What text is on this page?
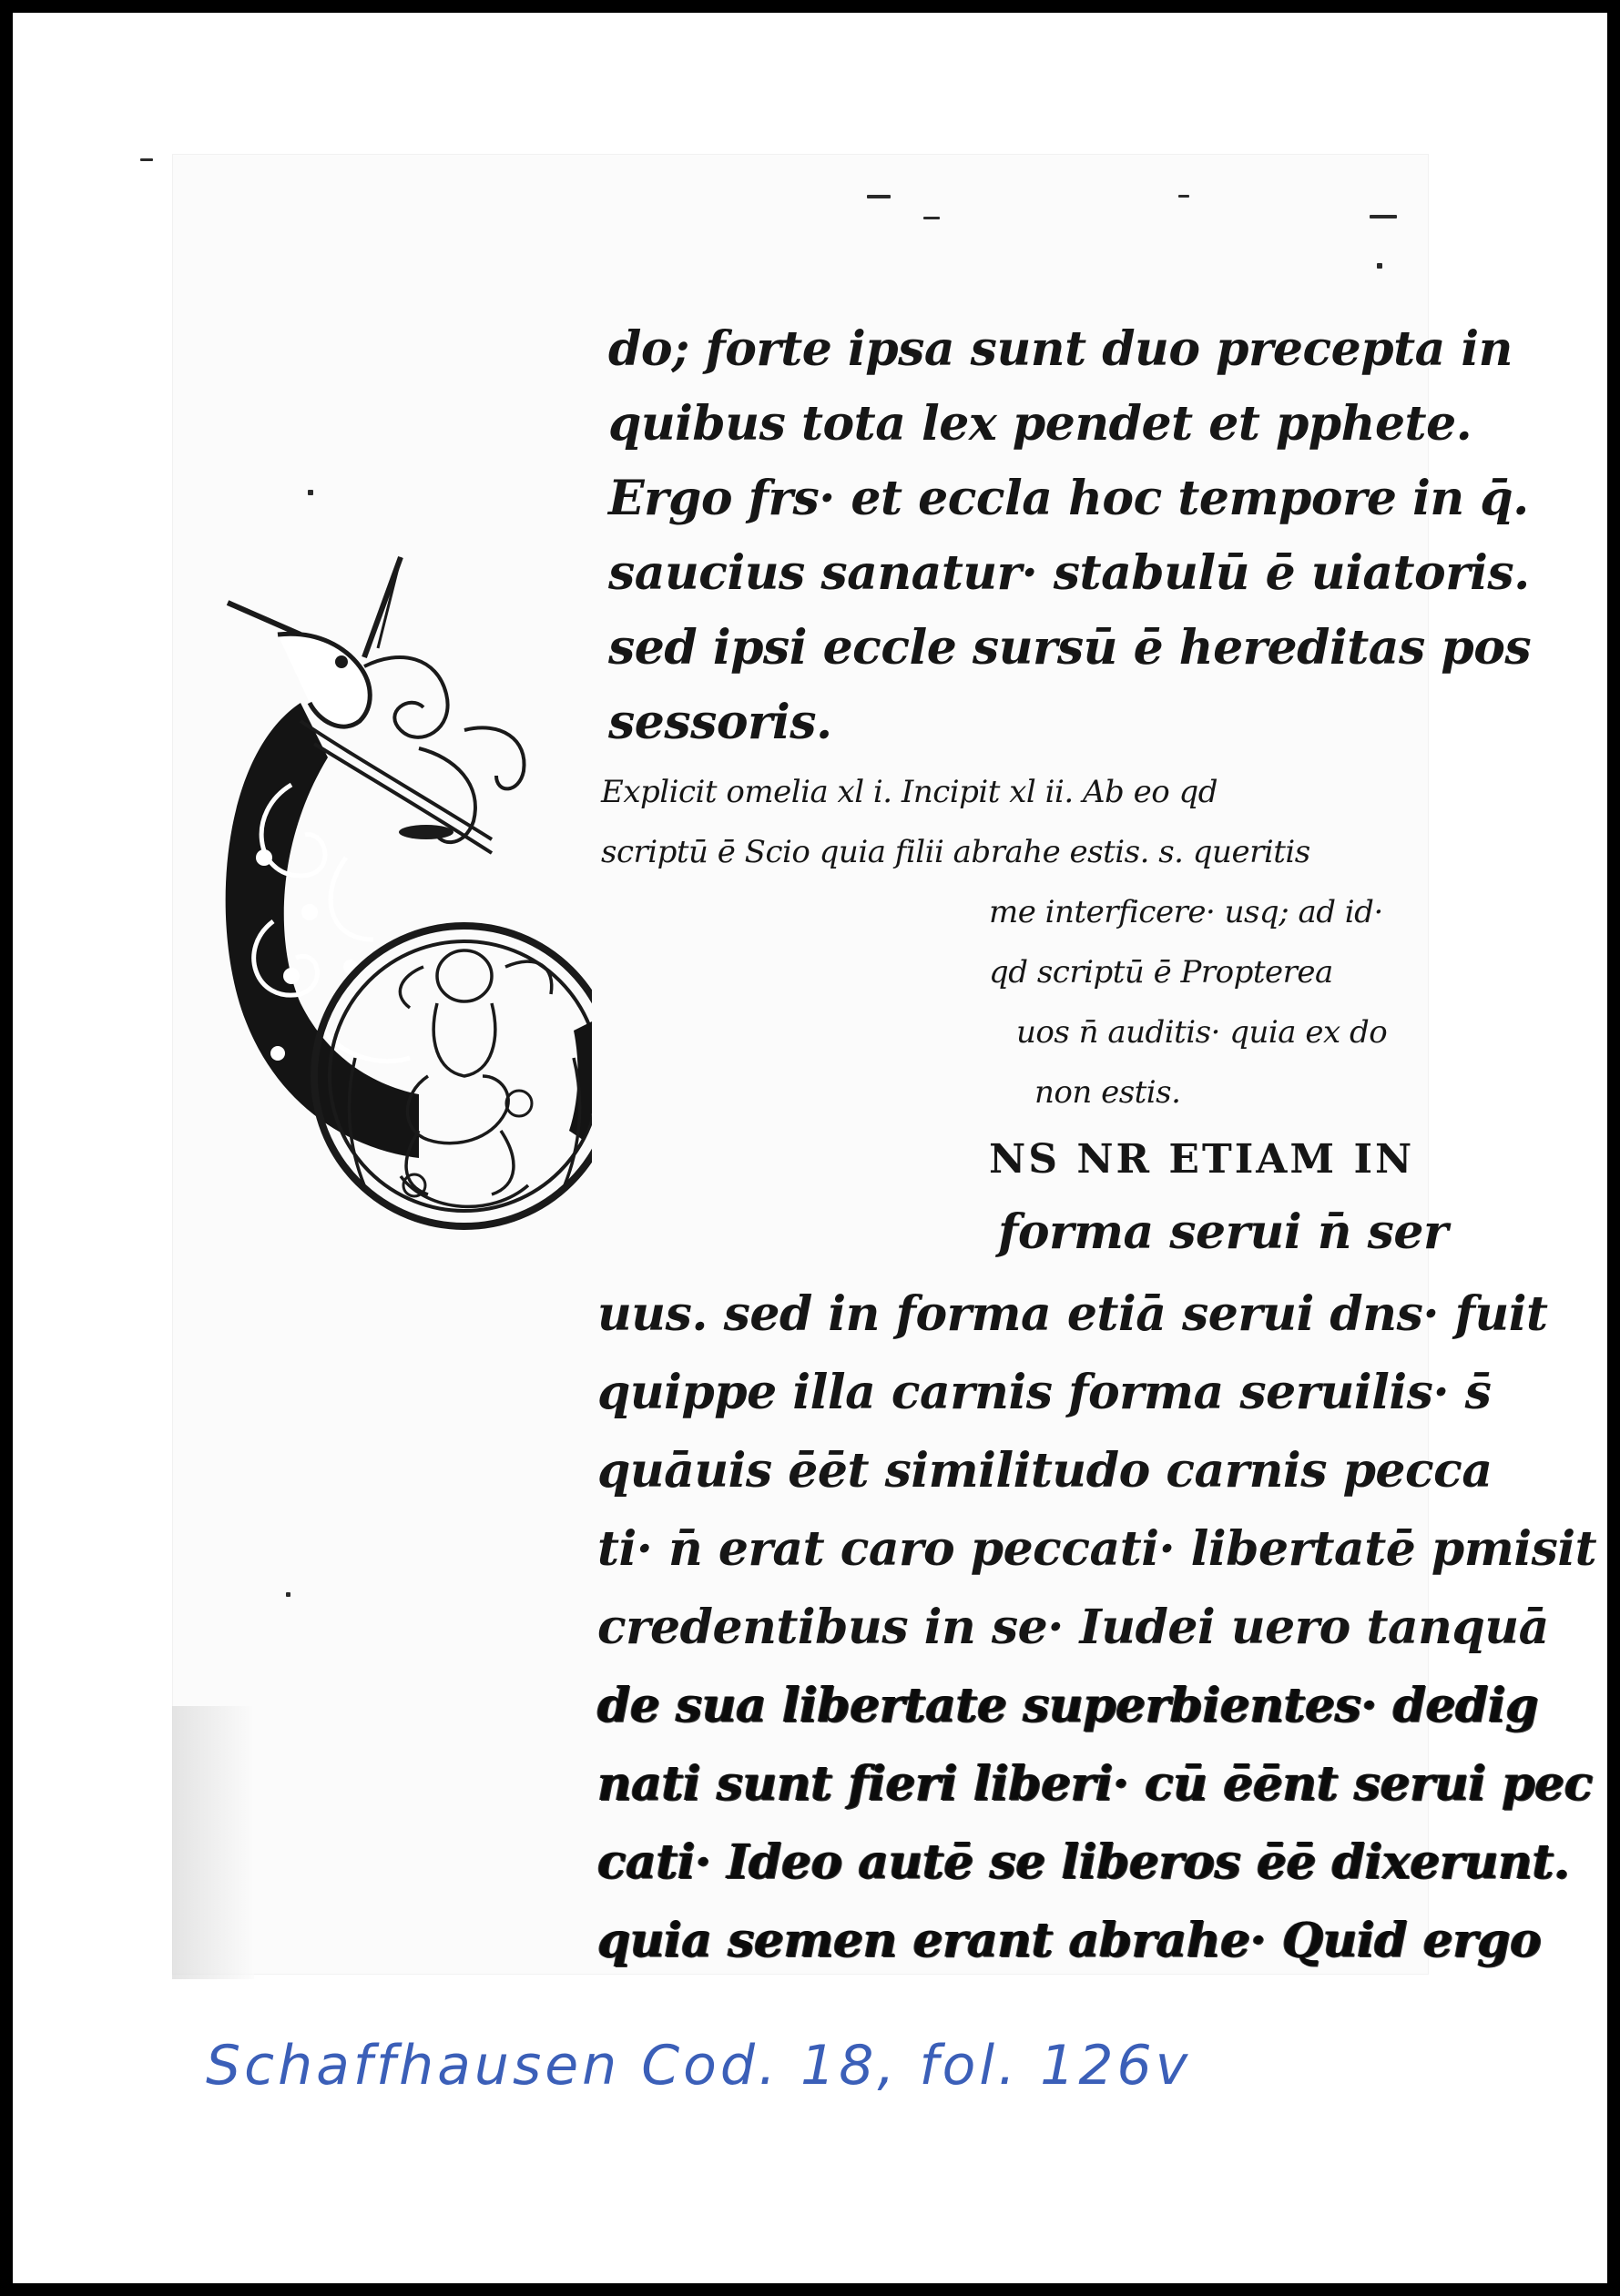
do; forte ipsa sunt duo precepta in
quibus tota lex pendet et pphete.
Ergo frs· et eccla hoc tempore in q̄.
saucius sanatur· stabulū ē uiatoris.
sed ipsi eccle sursū ē hereditas pos
sessoris.
Explicit omelia xl i. Incipit xl ii. Ab eo qd
scriptū ē Scio quia filii abrahe estis. s. queritis
me interficere· usq; ad id·
qd scriptū ē Propterea
uos n̄ auditis· quia ex do
non estis.
NS NR ETIAM IN
forma serui n̄ ser
uus. sed in forma etiā serui dns· fuit
quippe illa carnis forma seruilis· s̄
quāuis ēēt similitudo carnis pecca
ti· n̄ erat caro peccati· libertatē pmisit
credentibus in se· Iudei uero tanquā
de sua libertate superbientes· dedig
nati sunt fieri liberi· cū ēēnt serui pec
cati· Ideo autē se liberos ēē dixerunt.
quia semen erant abrahe· Quid ergo
Schaffhausen Cod. 18, fol. 126v
